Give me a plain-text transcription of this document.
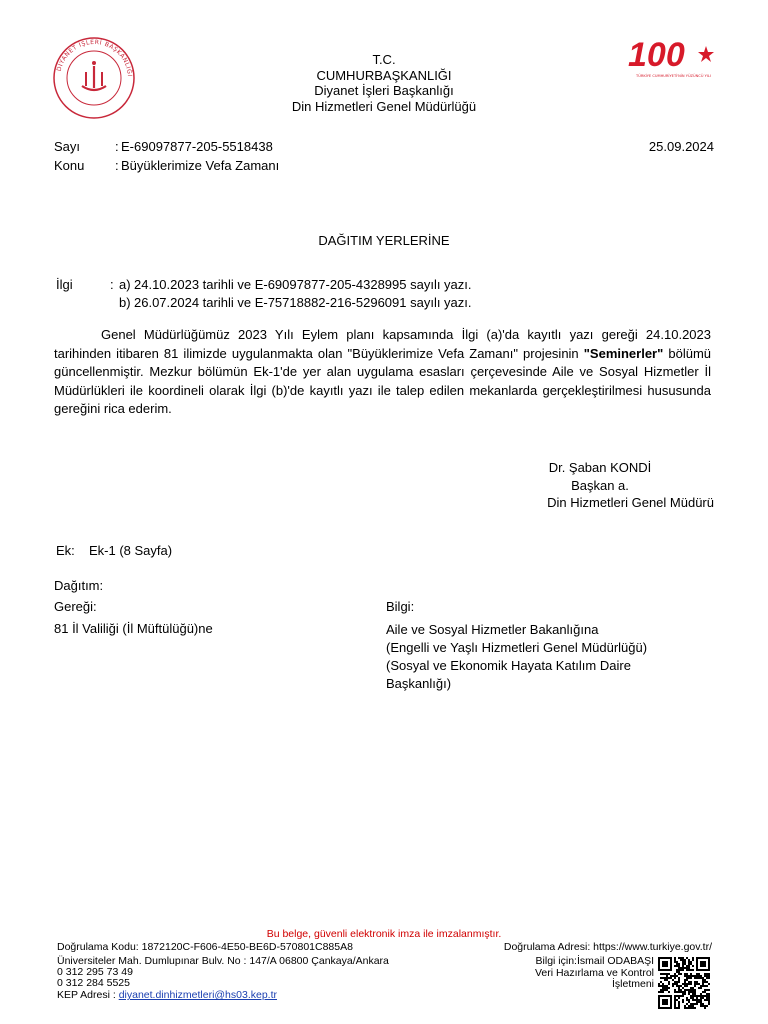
DİYANET İŞLERİ BAŞKANLIĞI
100
TÜRKİYE CUMHURİYETİ'NİN YÜZÜNCÜ YILI
T.C.
CUMHURBAŞKANLIĞI
Diyanet İşleri Başkanlığı
Din Hizmetleri Genel Müdürlüğü
Sayı	: E-69097877-205-5518438	25.09.2024
Konu : Büyüklerimize Vefa Zamanı
DAĞITIM YERLERİNE
İlgi	: a) 24.10.2023 tarihli ve E-69097877-205-4328995 sayılı yazı.
b) 26.07.2024 tarihli ve E-75718882-216-5296091 sayılı yazı.
Genel Müdürlüğümüz 2023 Yılı Eylem planı kapsamında İlgi (a)'da kayıtlı yazı gereği 24.10.2023 tarihinden itibaren 81 ilimizde uygulanmakta olan "Büyüklerimize Vefa Zamanı" projesinin "Seminerler" bölümü güncellenmiştir. Mezkur bölümün Ek-1'de yer alan uygulama esasları çerçevesinde Aile ve Sosyal Hizmetler İl Müdürlükleri ile koordineli olarak İlgi (b)'de kayıtlı yazı ile talep edilen mekanlarda gerçekleştirilmesi hususunda gereğini rica ederim.
Dr. Şaban KONDİ
Başkan a.
Din Hizmetleri Genel Müdürü
Ek: Ek-1 (8 Sayfa)
Dağıtım:
Gereği:
81 İl Valiliği (İl Müftülüğü)ne
Bilgi:
Aile ve Sosyal Hizmetler Bakanlığına
(Engelli ve Yaşlı Hizmetleri Genel Müdürlüğü)
(Sosyal ve Ekonomik Hayata Katılım Daire
Başkanlığı)
Bu belge, güvenli elektronik imza ile imzalanmıştır.
Doğrulama Kodu: 1872120C-F606-4E50-BE6D-570801C885A8	Doğrulama Adresi: https://www.turkiye.gov.tr/
Üniversiteler Mah. Dumlupınar Bulv. No : 147/A 06800 Çankaya/Ankara
0 312 295 73 49
0 312 284 5525
KEP Adresi : diyanet.dinhizmetleri@hs03.kep.tr
Bilgi için:İsmail ODABAŞI
Veri Hazırlama ve Kontrol
İşletmeni
